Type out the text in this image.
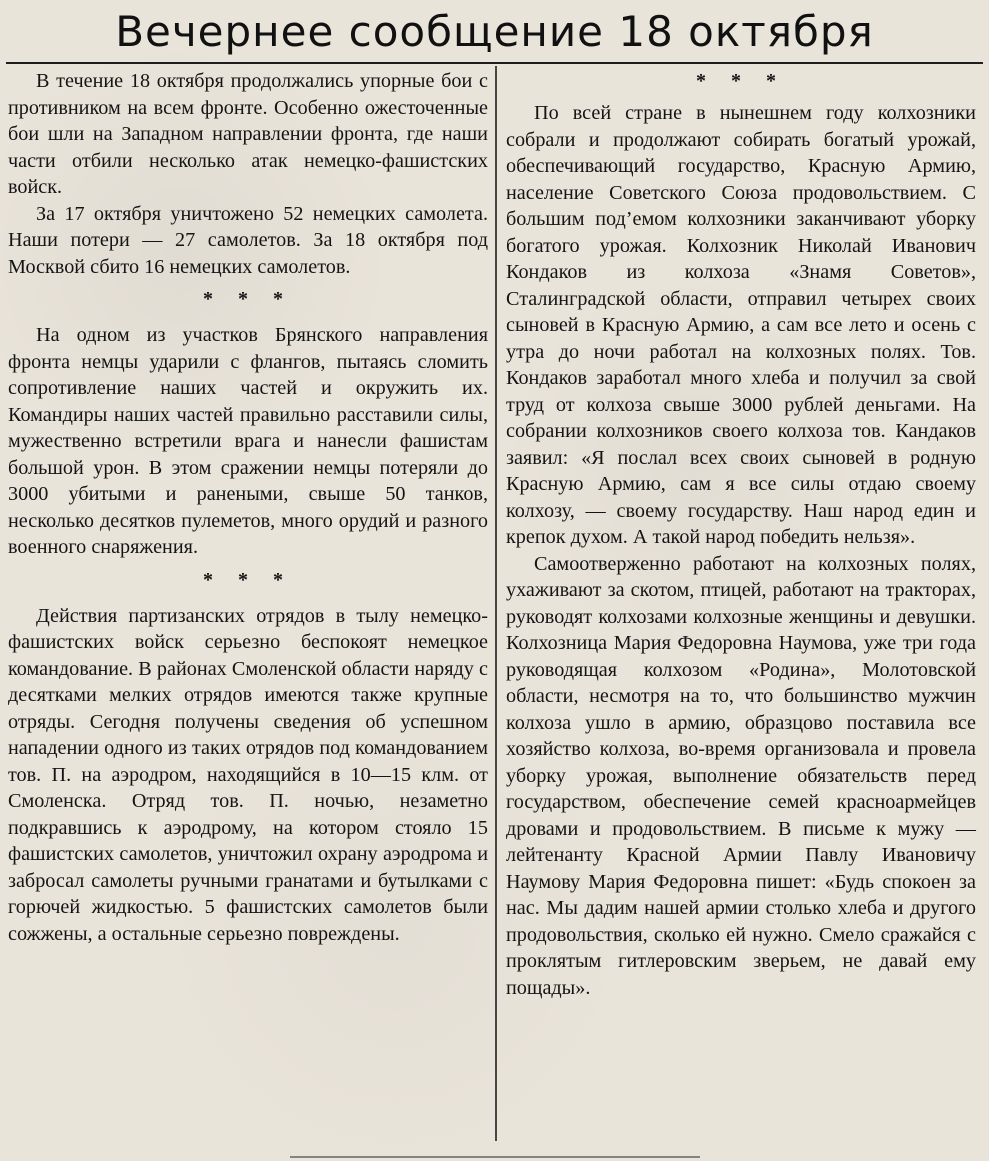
Вечернее сообщение 18 октября

В течение 18 октября продолжались упорные бои с противником на всем фронте. Особенно ожесточенные бои шли на Западном направлении фронта, где наши части отбили несколько атак немецко-фашистских войск.

За 17 октября уничтожено 52 немецких самолета. Наши потери — 27 самолетов. За 18 октября под Москвой сбито 16 немецких самолетов.

* * *

На одном из участков Брянского направления фронта немцы ударили с флангов, пытаясь сломить сопротивление наших частей и окружить их. Командиры наших частей правильно расставили силы, мужественно встретили врага и нанесли фашистам большой урон. В этом сражении немцы потеряли до 3000 убитыми и ранеными, свыше 50 танков, несколько десятков пулеметов, много орудий и разного военного снаряжения.

* * *

Действия партизанских отрядов в тылу немецко-фашистских войск серьезно беспокоят немецкое командование. В районах Смоленской области наряду с десятками мелких отрядов имеются также крупные отряды. Сегодня получены сведения об успешном нападении одного из таких отрядов под командованием тов. П. на аэродром, находящийся в 10—15 клм. от Смоленска. Отряд тов. П. ночью, незаметно подкравшись к аэродрому, на котором стояло 15 фашистских самолетов, уничтожил охрану аэродрома и забросал самолеты ручными гранатами и бутылками с горючей жидкостью. 5 фашистских самолетов были сожжены, а остальные серьезно повреждены.

* * *

По всей стране в нынешнем году колхозники собрали и продолжают собирать богатый урожай, обеспечивающий государство, Красную Армию, население Советского Союза продовольствием. С большим под’емом колхозники заканчивают уборку богатого урожая. Колхозник Николай Иванович Кондаков из колхоза «Знамя Советов», Сталинградской области, отправил четырех своих сыновей в Красную Армию, а сам все лето и осень с утра до ночи работал на колхозных полях. Тов. Кондаков заработал много хлеба и получил за свой труд от колхоза свыше 3000 рублей деньгами. На собрании колхозников своего колхоза тов. Кандаков заявил: «Я послал всех своих сыновей в родную Красную Армию, сам я все силы отдаю своему колхозу, — своему государству. Наш народ един и крепок духом. А такой народ победить нельзя».

Самоотверженно работают на колхозных полях, ухаживают за скотом, птицей, работают на тракторах, руководят колхозами колхозные женщины и девушки. Колхозница Мария Федоровна Наумова, уже три года руководящая колхозом «Родина», Молотовской области, несмотря на то, что большинство мужчин колхоза ушло в армию, образцово поставила все хозяйство колхоза, во-время организовала и провела уборку урожая, выполнение обязательств перед государством, обеспечение семей красноармейцев дровами и продовольствием. В письме к мужу — лейтенанту Красной Армии Павлу Ивановичу Наумову Мария Федоровна пишет: «Будь спокоен за нас. Мы дадим нашей армии столько хлеба и другого продовольствия, сколько ей нужно. Смело сражайся с проклятым гитлеровским зверьем, не давай ему пощады».
